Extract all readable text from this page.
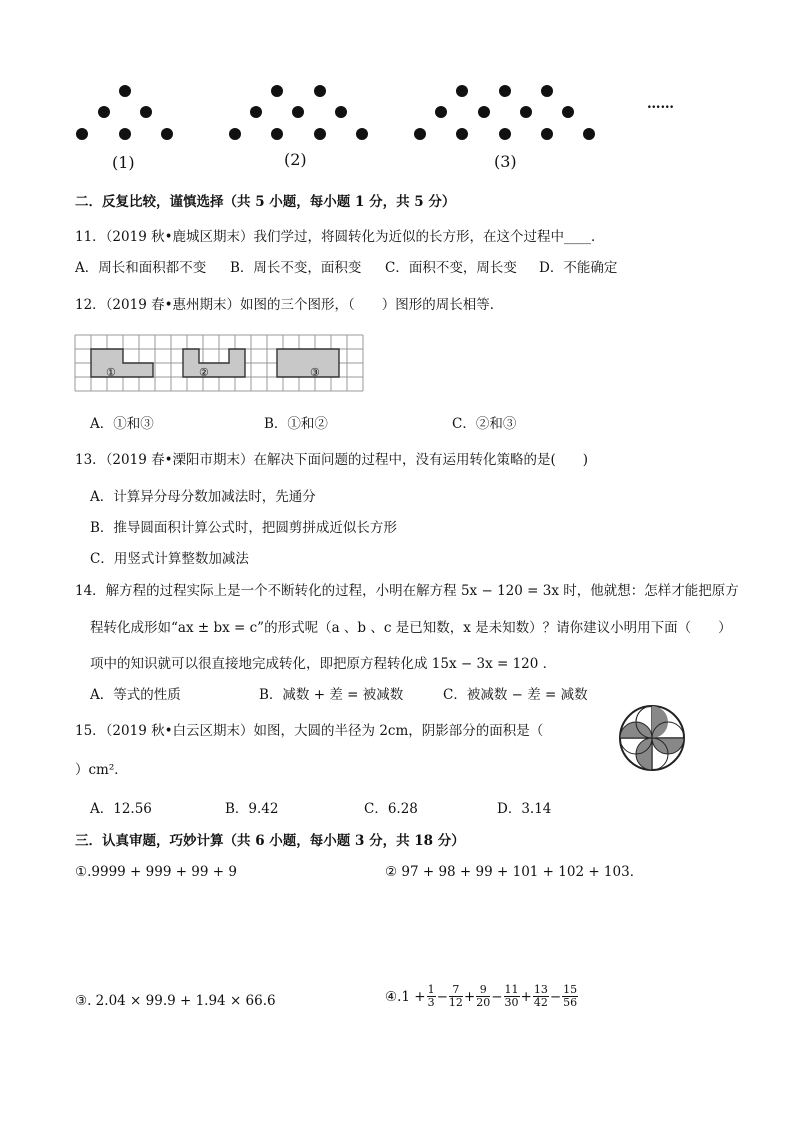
(1)	(2)	(3)
……
二．反复比较，谨慎选择（共 5 小题，每小题 1 分，共 5 分）
11．（2019 秋•鹿城区期末）我们学过，将圆转化为近似的长方形，在这个过程中____．
A．周长和面积都不变 B．周长不变，面积变 C．面积不变，周长变 D．不能确定
12．（2019 春•惠州期末）如图的三个图形，（　　）图形的周长相等．
①	②	③
A．①和③	B．①和②	C．②和③
13．（2019 春•溧阳市期末）在解决下面问题的过程中，没有运用转化策略的是(　　)
A．计算异分母分数加减法时，先通分
B．推导圆面积计算公式时，把圆剪拼成近似长方形
C．用竖式计算整数加减法
14．解方程的过程实际上是一个不断转化的过程，小明在解方程 5x − 120 = 3x 时，他就想：怎样才能把原方
程转化成形如“ax ± bx = c”的形式呢（a 、b 、c 是已知数，x 是未知数）？请你建议小明用下面（　　）
项中的知识就可以很直接地完成转化，即把原方程转化成 15x − 3x = 120 ．
A．等式的性质	B．减数 + 差 = 被减数	C．被减数 − 差 = 减数
15．（2019 秋•白云区期末）如图，大圆的半径为 2cm，阴影部分的面积是（
）cm²．
A．12.56	B．9.42	C．6.28	D．3.14
三．认真审题，巧妙计算（共 6 小题，每小题 3 分，共 18 分）
①.9999 + 999 + 99 + 9	② 97 + 98 + 99 + 101 + 102 + 103．
③. 2.04 × 99.9 + 1.94 × 66.6	④.1 + $\frac{1}{3} - \frac{7}{12} + \frac{9}{20} - \frac{11}{30} + \frac{13}{42} - \frac{15}{56}$
